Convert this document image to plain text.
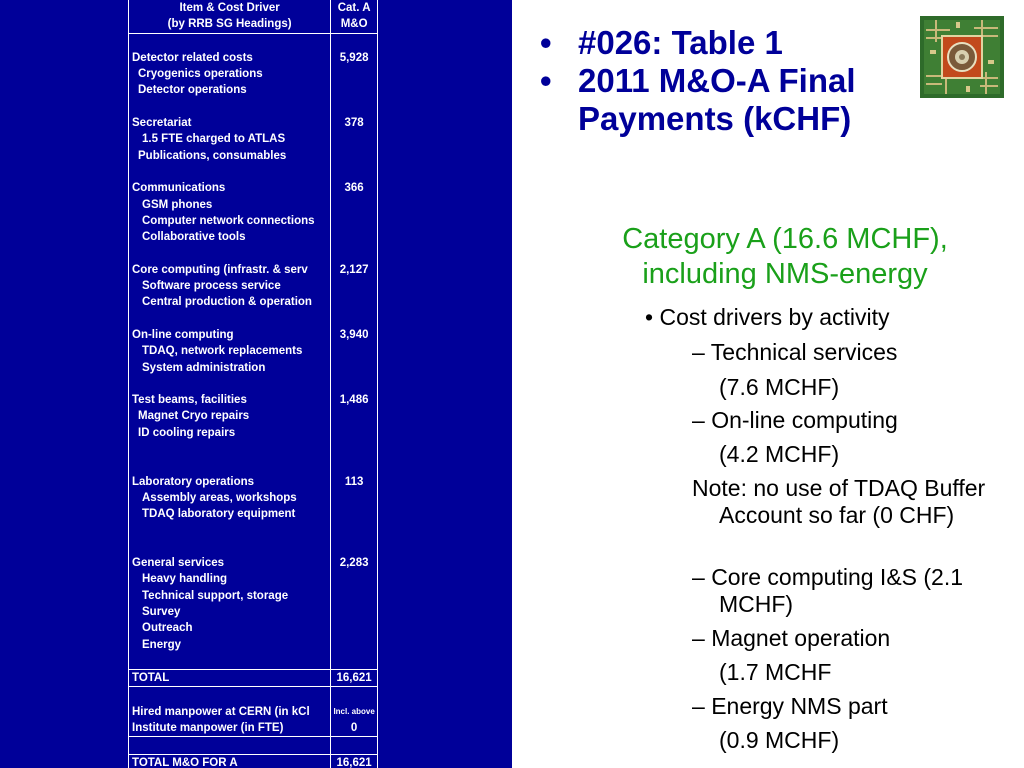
Item & Cost Driver	Cat. A
(by RRB SG Headings)	M&O

Detector related costs	5,928
Cryogenics operations	
Detector operations	

Secretariat	378
1.5 FTE charged to ATLAS	
Publications, consumables	

Communications	366
GSM phones	
Computer network connections	
Collaborative tools	

Core computing (infrastr. & serv	2,127
Software process service	
Central production & operation	

On-line computing	3,940
TDAQ, network replacements	
System administration	

Test beams, facilities	1,486
Magnet Cryo repairs	
ID cooling repairs	

Laboratory operations	113
Assembly areas, workshops	
TDAQ laboratory equipment	

General services	2,283
Heavy handling	
Technical support, storage	
Survey	
Outreach	
Energy	

TOTAL	16,621

Hired manpower at CERN (in kCl	Incl. above
Institute manpower (in FTE)	0

TOTAL M&O FOR A	16,621
• #026: Table 1
• 2011 M&O-A Final Payments (kCHF)
Category A (16.6 MCHF), including NMS-energy
• Cost drivers by activity
– Technical services
(7.6 MCHF)
– On-line computing
(4.2 MCHF)
Note: no use of TDAQ Buffer Account so far (0 CHF)
– Core computing I&S (2.1 MCHF)
– Magnet operation
(1.7 MCHF
– Energy NMS part
(0.9 MCHF)
